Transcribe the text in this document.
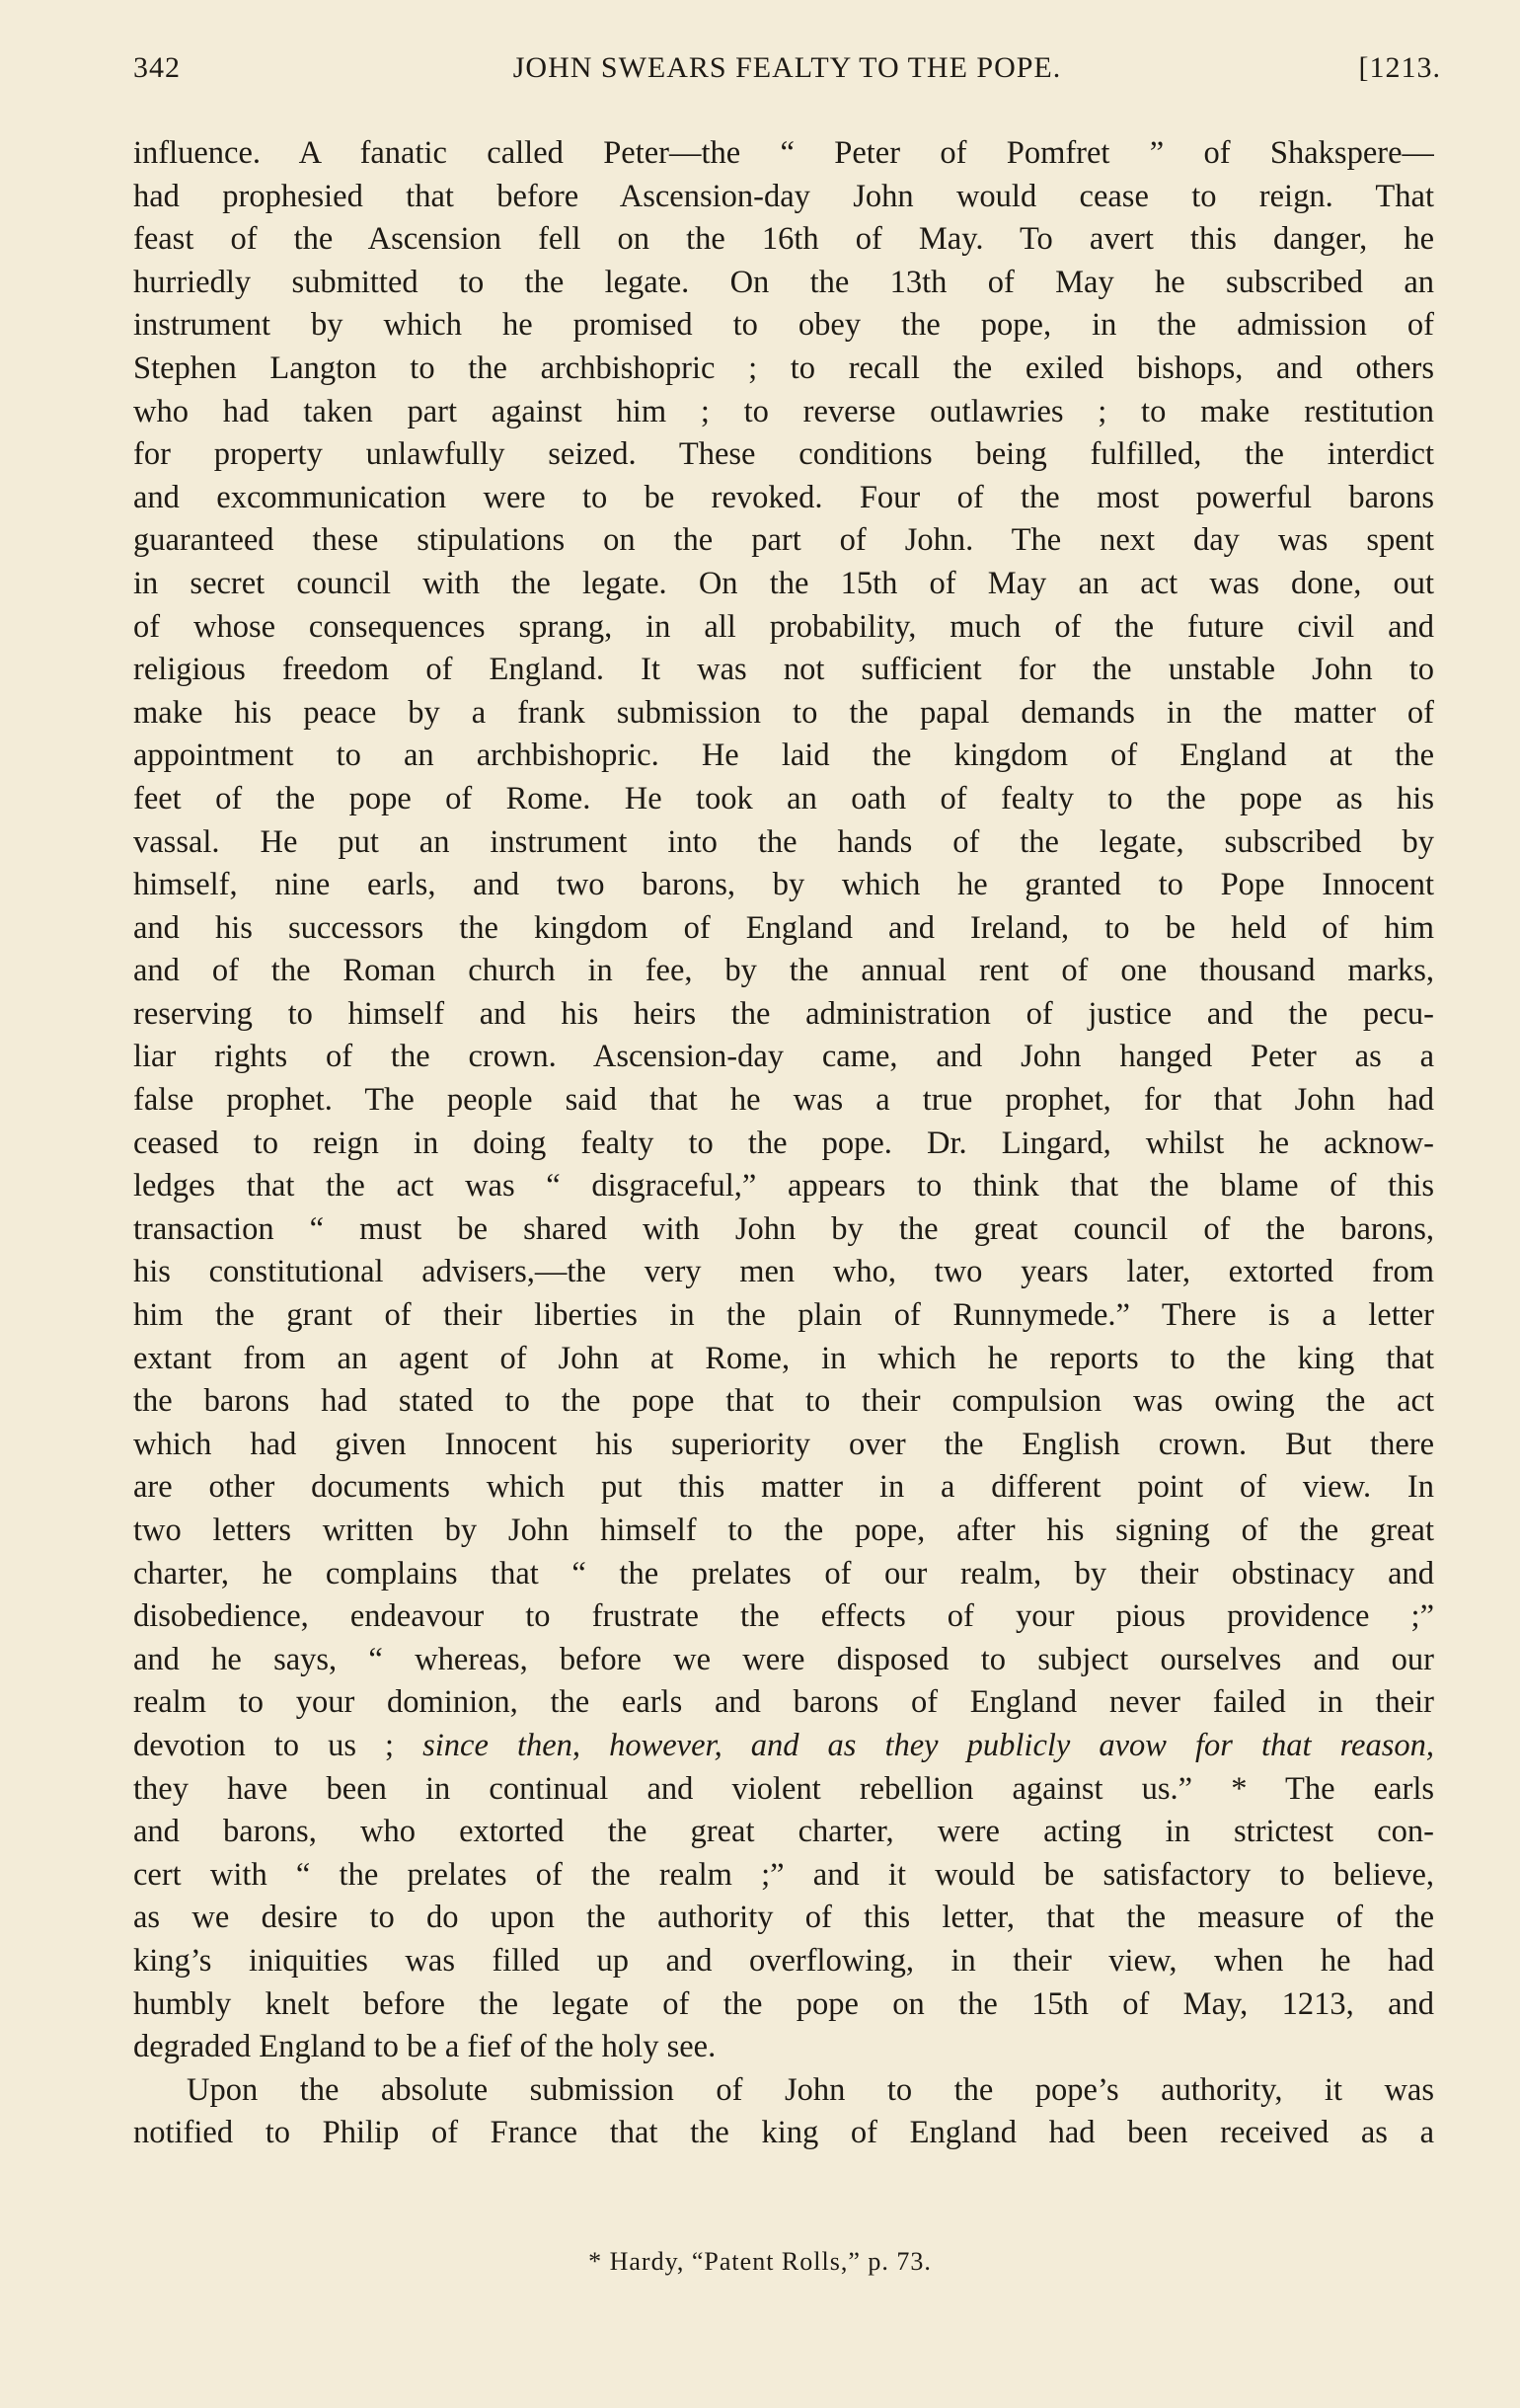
342	JOHN SWEARS FEALTY TO THE POPE.	[1213.
influence. A fanatic called Peter—the “ Peter of Pomfret ” of Shakspere—
had prophesied that before Ascension-day John would cease to reign. That
feast of the Ascension fell on the 16th of May. To avert this danger, he
hurriedly submitted to the legate. On the 13th of May he subscribed an
instrument by which he promised to obey the pope, in the admission of
Stephen Langton to the archbishopric ; to recall the exiled bishops, and others
who had taken part against him ; to reverse outlawries ; to make restitution
for property unlawfully seized. These conditions being fulfilled, the interdict
and excommunication were to be revoked. Four of the most powerful barons
guaranteed these stipulations on the part of John. The next day was spent
in secret council with the legate. On the 15th of May an act was done, out
of whose consequences sprang, in all probability, much of the future civil and
religious freedom of England. It was not sufficient for the unstable John to
make his peace by a frank submission to the papal demands in the matter of
appointment to an archbishopric. He laid the kingdom of England at the
feet of the pope of Rome. He took an oath of fealty to the pope as his
vassal. He put an instrument into the hands of the legate, subscribed by
himself, nine earls, and two barons, by which he granted to Pope Innocent
and his successors the kingdom of England and Ireland, to be held of him
and of the Roman church in fee, by the annual rent of one thousand marks,
reserving to himself and his heirs the administration of justice and the pecu-
liar rights of the crown. Ascension-day came, and John hanged Peter as a
false prophet. The people said that he was a true prophet, for that John had
ceased to reign in doing fealty to the pope. Dr. Lingard, whilst he acknow-
ledges that the act was “ disgraceful,” appears to think that the blame of this
transaction “ must be shared with John by the great council of the barons,
his constitutional advisers,—the very men who, two years later, extorted from
him the grant of their liberties in the plain of Runnymede.” There is a letter
extant from an agent of John at Rome, in which he reports to the king that
the barons had stated to the pope that to their compulsion was owing the act
which had given Innocent his superiority over the English crown. But there
are other documents which put this matter in a different point of view. In
two letters written by John himself to the pope, after his signing of the great
charter, he complains that “ the prelates of our realm, by their obstinacy and
disobedience, endeavour to frustrate the effects of your pious providence ;”
and he says, “ whereas, before we were disposed to subject ourselves and our
realm to your dominion, the earls and barons of England never failed in their
devotion to us ; since then, however, and as they publicly avow for that reason,
they have been in continual and violent rebellion against us.” * The earls
and barons, who extorted the great charter, were acting in strictest con-
cert with “ the prelates of the realm ;” and it would be satisfactory to believe,
as we desire to do upon the authority of this letter, that the measure of the
king’s iniquities was filled up and overflowing, in their view, when he had
humbly knelt before the legate of the pope on the 15th of May, 1213, and
degraded England to be a fief of the holy see.
Upon the absolute submission of John to the pope’s authority, it was
notified to Philip of France that the king of England had been received as a
* Hardy, “Patent Rolls,” p. 73.
